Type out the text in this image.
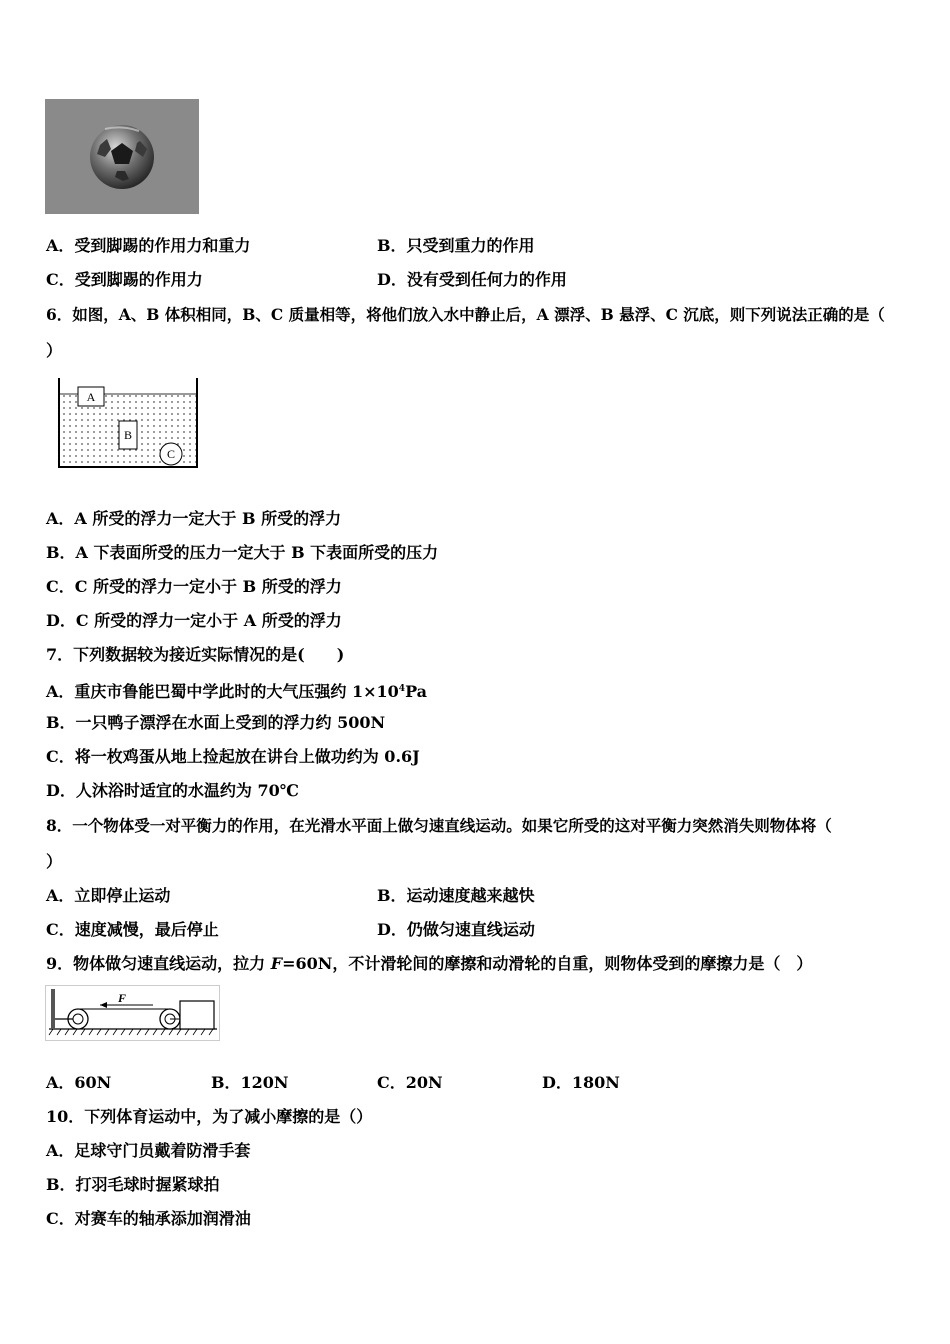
A．受到脚踢的作用力和重力	B．只受到重力的作用
C．受到脚踢的作用力	D．没有受到任何力的作用
6．如图，A、B 体积相同，B、C 质量相等，将他们放入水中静止后，A 漂浮、B 悬浮、C 沉底，则下列说法正确的是（
）
A
B
C
A．A 所受的浮力一定大于 B 所受的浮力
B．A 下表面所受的压力一定大于 B 下表面所受的压力
C．C 所受的浮力一定小于 B 所受的浮力
D．C 所受的浮力一定小于 A 所受的浮力
7．下列数据较为接近实际情况的是(　　)
A．重庆市鲁能巴蜀中学此时的大气压强约 $1\times 10^4Pa$
B．一只鸭子漂浮在水面上受到的浮力约 500N
C．将一枚鸡蛋从地上捡起放在讲台上做功约为 0.6J
D．人沐浴时适宜的水温约为 70℃
8．一个物体受一对平衡力的作用，在光滑水平面上做匀速直线运动。如果它所受的这对平衡力突然消失则物体将（
）
A．立即停止运动	B．运动速度越来越快
C．速度减慢，最后停止	D．仍做匀速直线运动
9．物体做匀速直线运动，拉力 F=60N，不计滑轮间的摩擦和动滑轮的自重，则物体受到的摩擦力是（　）
F
A．60N	B．120N	C．20N	D．180N
10．下列体育运动中，为了减小摩擦的是（）
A．足球守门员戴着防滑手套
B．打羽毛球时握紧球拍
C．对赛车的轴承添加润滑油
